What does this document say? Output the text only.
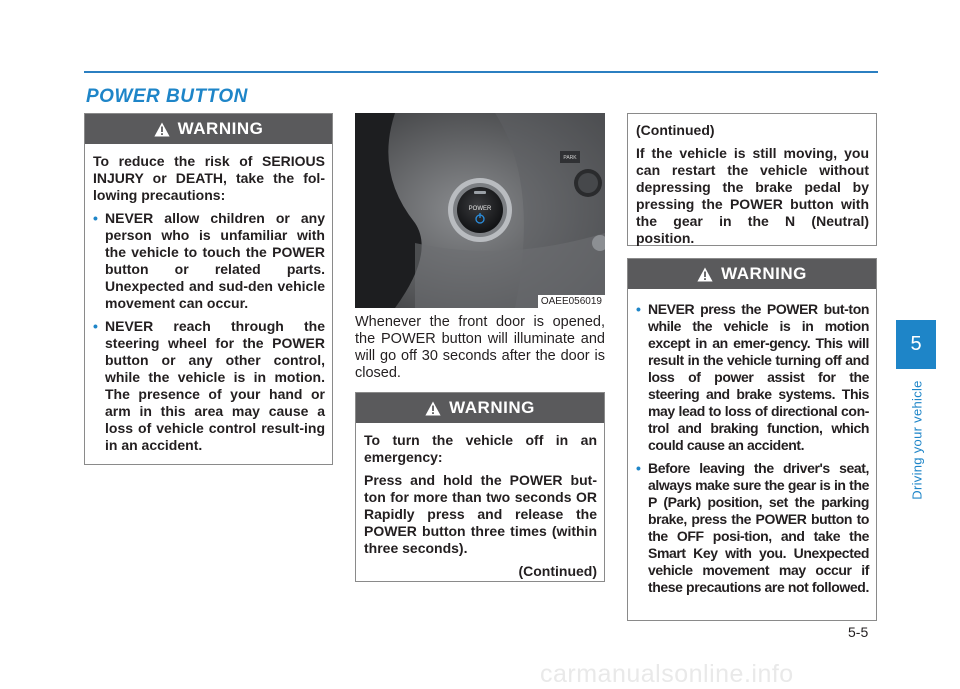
POWER BUTTON
5
Driving your vehicle
WARNING

To reduce the risk of SERIOUS INJURY or DEATH, take the fol-lowing precautions:

• NEVER allow children or any person who is unfamiliar with the vehicle to touch the POWER button or related parts. Unexpected and sud-den vehicle movement can occur.
• NEVER reach through the steering wheel for the POWER button or any other control, while the vehicle is in motion. The presence of your hand or arm in this area may cause a loss of vehicle control result-ing in an accident.
POWER
PARK
OAEE056019
Whenever the front door is opened, the POWER button will illuminate and will go off 30 seconds after the door is closed.
WARNING

To turn the vehicle off in an emergency:

Press and hold the POWER but-ton for more than two seconds OR Rapidly press and release the POWER button three times (within three seconds).

(Continued)

(Continued)

If the vehicle is still moving, you can restart the vehicle without depressing the brake pedal by pressing the POWER button with the gear in the N (Neutral) position.

WARNING
• NEVER press the POWER but-ton while the vehicle is in motion except in an emer-gency. This will result in the vehicle turning off and loss of power assist for the steering and brake systems. This may lead to loss of directional con-trol and braking function, which could cause an accident.
• Before leaving the driver's seat, always make sure the gear is in the P (Park) position, set the parking brake, press the POWER button to the OFF posi-tion, and take the Smart Key with you. Unexpected vehicle movement may occur if these precautions are not followed.
5-5
carmanualsonline.info
